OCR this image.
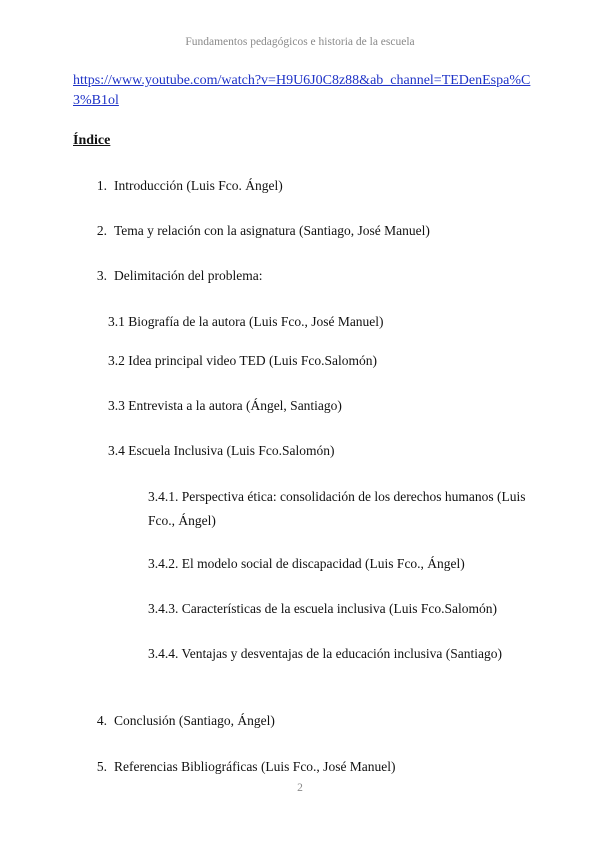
Fundamentos pedagógicos e historia de la escuela
https://www.youtube.com/watch?v=H9U6J0C8z88&ab_channel=TEDenEspa%C3%B1ol
Índice
1. Introducción (Luis Fco. Ángel)
2. Tema y relación con la asignatura (Santiago, José Manuel)
3. Delimitación del problema:
3.1 Biografía de la autora (Luis Fco., José Manuel)
3.2 Idea principal video TED (Luis Fco.Salomón)
3.3 Entrevista a la autora (Ángel, Santiago)
3.4 Escuela Inclusiva (Luis Fco.Salomón)
3.4.1. Perspectiva ética: consolidación de los derechos humanos (Luis Fco., Ángel)
3.4.2. El modelo social de discapacidad (Luis Fco., Ángel)
3.4.3. Características de la escuela inclusiva (Luis Fco.Salomón)
3.4.4. Ventajas y desventajas de la educación inclusiva (Santiago)
4. Conclusión (Santiago, Ángel)
5. Referencias Bibliográficas (Luis Fco., José Manuel)
2
